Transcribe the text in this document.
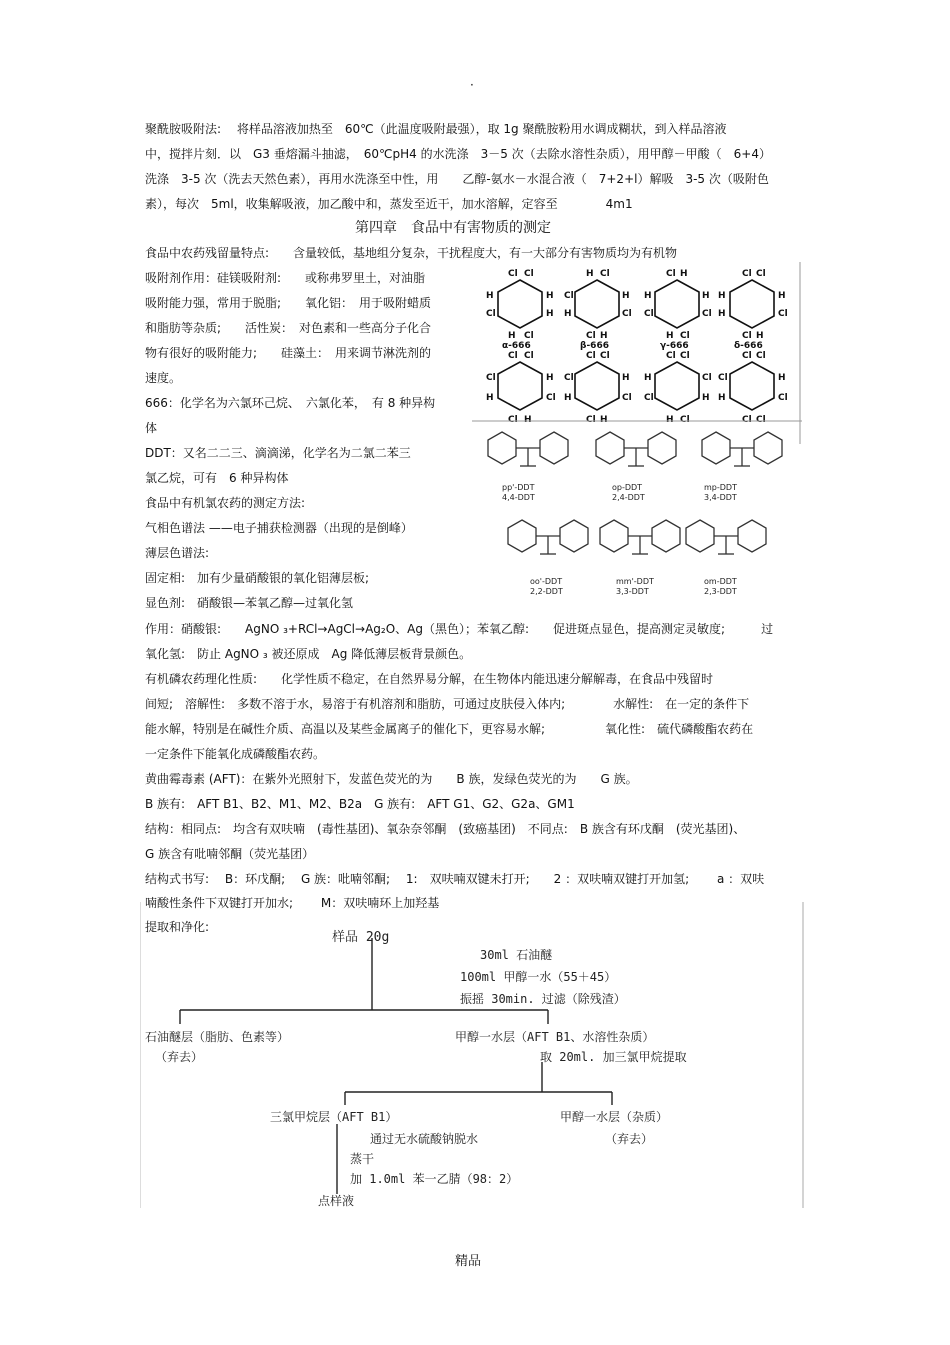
·
聚酰胺吸附法:　 将样品溶液加热至　60℃（此温度吸附最强），取 1g 聚酰胺粉用水调成糊状，到入样品溶液
中，搅拌片刻．以　G3 垂熔漏斗抽滤，　60℃pH4 的水洗涤　3－5 次（去除水溶性杂质），用甲醇－甲酸（　6+4）
洗涤　3-5 次（洗去天然色素），再用水洗涤至中性，用　　乙醇-氨水－水混合液（　7+2+l）解吸　3-5 次（吸附色
素），每次　5ml，收集解吸液，加乙酸中和，蒸发至近干，加水溶解，定容至　　　　4m1
第四章　食品中有害物质的测定
食品中农药残留量特点:　　含量较低，基地组分复杂，干扰程度大，有一大部分有害物质均为有机物
吸附剂作用：硅镁吸附剂:　　或称弗罗里土，对油脂
吸附能力强，常用于脱脂;　　氧化铝：　用于吸附蜡质
和脂肪等杂质;　　活性炭：　对色素和一些高分子化合
物有很好的吸附能力;　　硅藻土：　用来调节淋洗剂的
速度。
666：化学名为六氯环己烷、　六氯化苯，　有 8 种异构
体
DDT：又名二二三、滴滴涕，化学名为二氯二苯三
氯乙烷，可有　6 种异构体
食品中有机氯农药的测定方法:
气相色谱法 ——电子捕获检测器（出现的是倒峰）
薄层色谱法:
固定相:　加有少量硝酸银的氧化铝薄层板;
显色剂:　硝酸银—苯氧乙醇—过氧化氢
作用：硝酸银:　　AgNO ₃+RCl→AgCl→Ag₂O、Ag（黑色）；苯氧乙醇:　　促进斑点显色，提高测定灵敏度;　　　过
氧化氢:　防止 AgNO ₃ 被还原成　Ag 降低薄层板背景颜色。
有机磷农药理化性质:　　化学性质不稳定，在自然界易分解，在生物体内能迅速分解解毒，在食品中残留时
间短;　溶解性:　多数不溶于水，易溶于有机溶剂和脂肪，可通过皮肤侵入体内;　　　　水解性:　在一定的条件下
能水解，特别是在碱性介质、高温以及某些金属离子的催化下，更容易水解;　　　　　氧化性:　硫代磷酸酯农药在
一定条件下能氧化成磷酸酯农药。
黄曲霉毒素 (AFT)：在紫外光照射下，发蓝色荧光的为　　B 族，发绿色荧光的为　　G 族。
B 族有:　AFT B1、B2、M1、M2、B2a　G 族有:　AFT G1、G2、G2a、GM1
结构：相同点:　均含有双呋喃　(毒性基团)、氧杂奈邻酮　(致癌基团)　不同点:　B 族含有环戊酮　(荧光基团)、
G 族含有吡喃邻酮（荧光基团）
结构式书写:　 B：环戊酮;　 G 族：吡喃邻酮;　 1:　双呋喃双键未打开;　　2 ：双呋喃双键打开加氢;　　 a ：双呋
喃酸性条件下双键打开加水;　　 M：双呋喃环上加羟基
提取和净化:
Cl Cl
H	H
Cl	H
H Cl
H Cl
Cl	H
H	Cl
Cl H
Cl H
H	H
Cl	Cl
H Cl
Cl Cl
H	H
H	Cl
Cl H
Cl Cl
Cl	H
H	Cl
Cl H
Cl Cl
Cl	H
H	Cl
Cl H
Cl Cl
H	Cl
Cl	H
H Cl
Cl Cl
Cl	H
H	Cl
Cl Cl
α-666	β-666	γ-666	δ-666
pp'-DDT	op-DDT	mp-DDT
4,4-DDT	2,4-DDT	3,4-DDT
oo'-DDT	mm'-DDT	om-DDT
2,2-DDT	3,3-DDT	2,3-DDT
样品 20g
30ml 石油醚
100ml 甲醇一水（55＋45）
振摇 30min. 过滤（除残渣）
石油醚层（脂肪、色素等）
（弃去）
甲醇一水层（AFT B1、水溶性杂质）
取 20ml. 加三氯甲烷提取
三氯甲烷层（AFT B1）	甲醇一水层（杂质）
（弃去）
通过无水硫酸钠脱水
蒸干
加 1.0ml 苯一乙腈（98：2）
点样液
精品
